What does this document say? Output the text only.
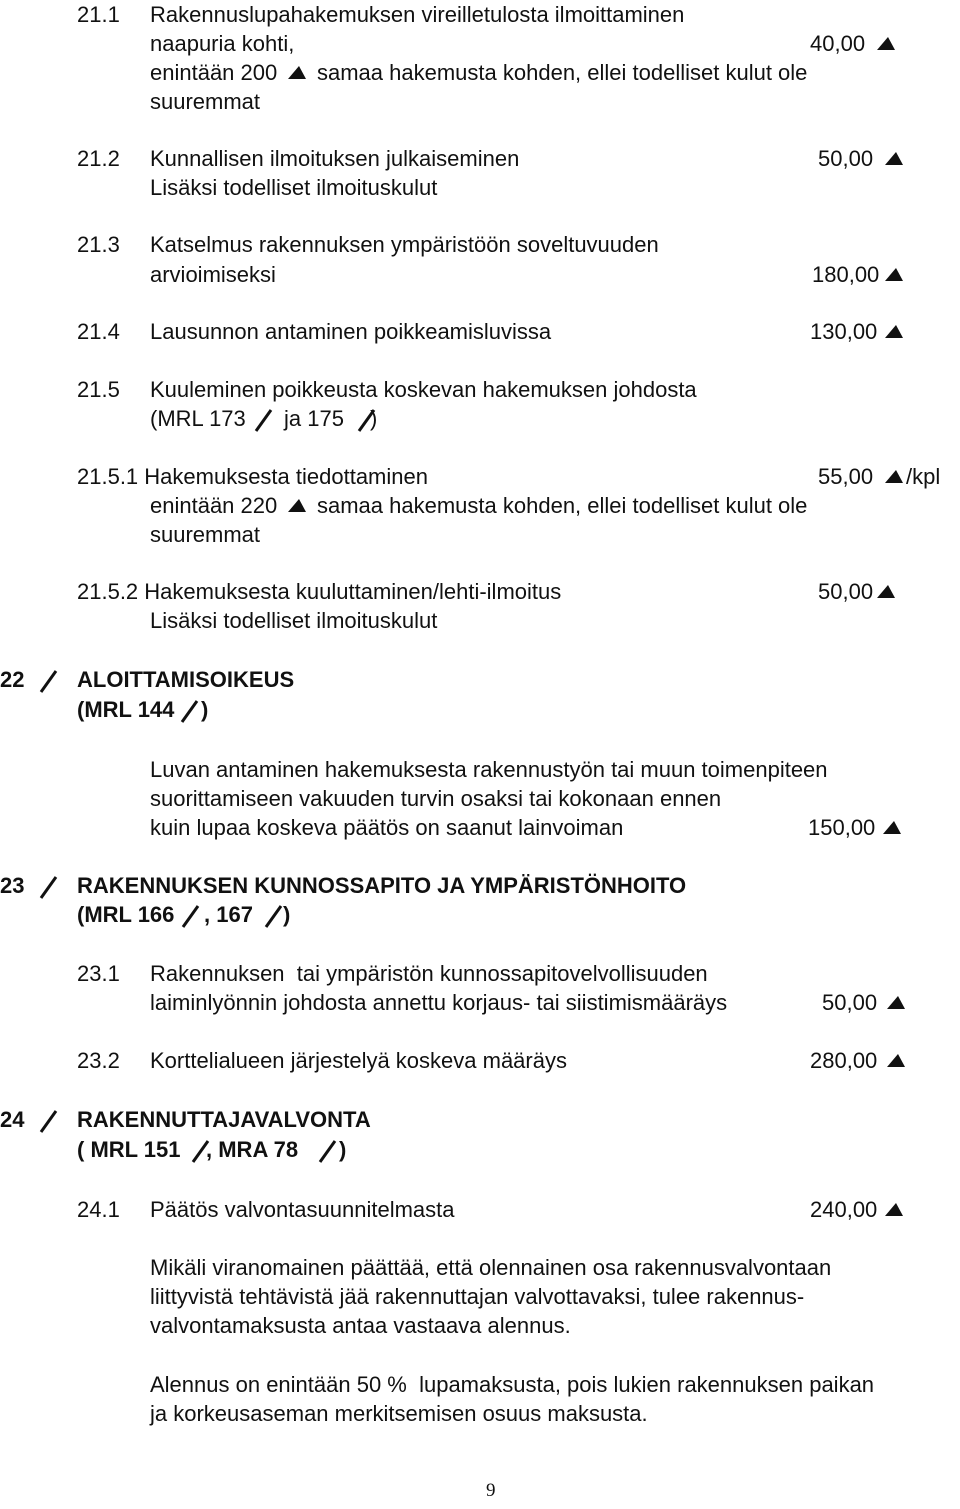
21.1 Rakennuslupahakemuksen vireilletulosta ilmoittaminen
naapuria kohti,	40,00
enintään 200 samaa hakemusta kohden, ellei todelliset kulut ole
suuremmat
21.2 Kunnallisen ilmoituksen julkaiseminen	50,00
Lisäksi todelliset ilmoituskulut
21.3 Katselmus rakennuksen ympäristöön soveltuvuuden
arvioimiseksi	180,00
21.4 Lausunnon antaminen poikkeamisluvissa	130,00
21.5 Kuuleminen poikkeusta koskevan hakemuksen johdosta
(MRL 173 ja 175 )
21.5.1 Hakemuksesta tiedottaminen	55,00 /kpl
enintään 220 samaa hakemusta kohden, ellei todelliset kulut ole
suuremmat
21.5.2 Hakemuksesta kuuluttaminen/lehti-ilmoitus	50,00
Lisäksi todelliset ilmoituskulut
22 ALOITTAMISOIKEUS
(MRL 144 )
Luvan antaminen hakemuksesta rakennustyön tai muun toimenpiteen
suorittamiseen vakuuden turvin osaksi tai kokonaan ennen
kuin lupaa koskeva päätös on saanut lainvoiman	150,00
23 RAKENNUKSEN KUNNOSSAPITO JA YMPÄRISTÖNHOITO
(MRL 166 , 167 )
23.1 Rakennuksen  tai ympäristön kunnossapitovelvollisuuden
laiminlyönnin johdosta annettu korjaus- tai siistimismääräys	50,00
23.2 Korttelialueen järjestelyä koskeva määräys	280,00
24 RAKENNUTTAJAVALVONTA
( MRL 151 , MRA 78 )
24.1 Päätös valvontasuunnitelmasta	240,00
Mikäli viranomainen päättää, että olennainen osa rakennusvalvontaan
liittyvistä tehtävistä jää rakennuttajan valvottavaksi, tulee rakennus-
valvontamaksusta antaa vastaava alennus.
Alennus on enintään 50 %  lupamaksusta, pois lukien rakennuksen paikan
ja korkeusaseman merkitsemisen osuus maksusta.
9
